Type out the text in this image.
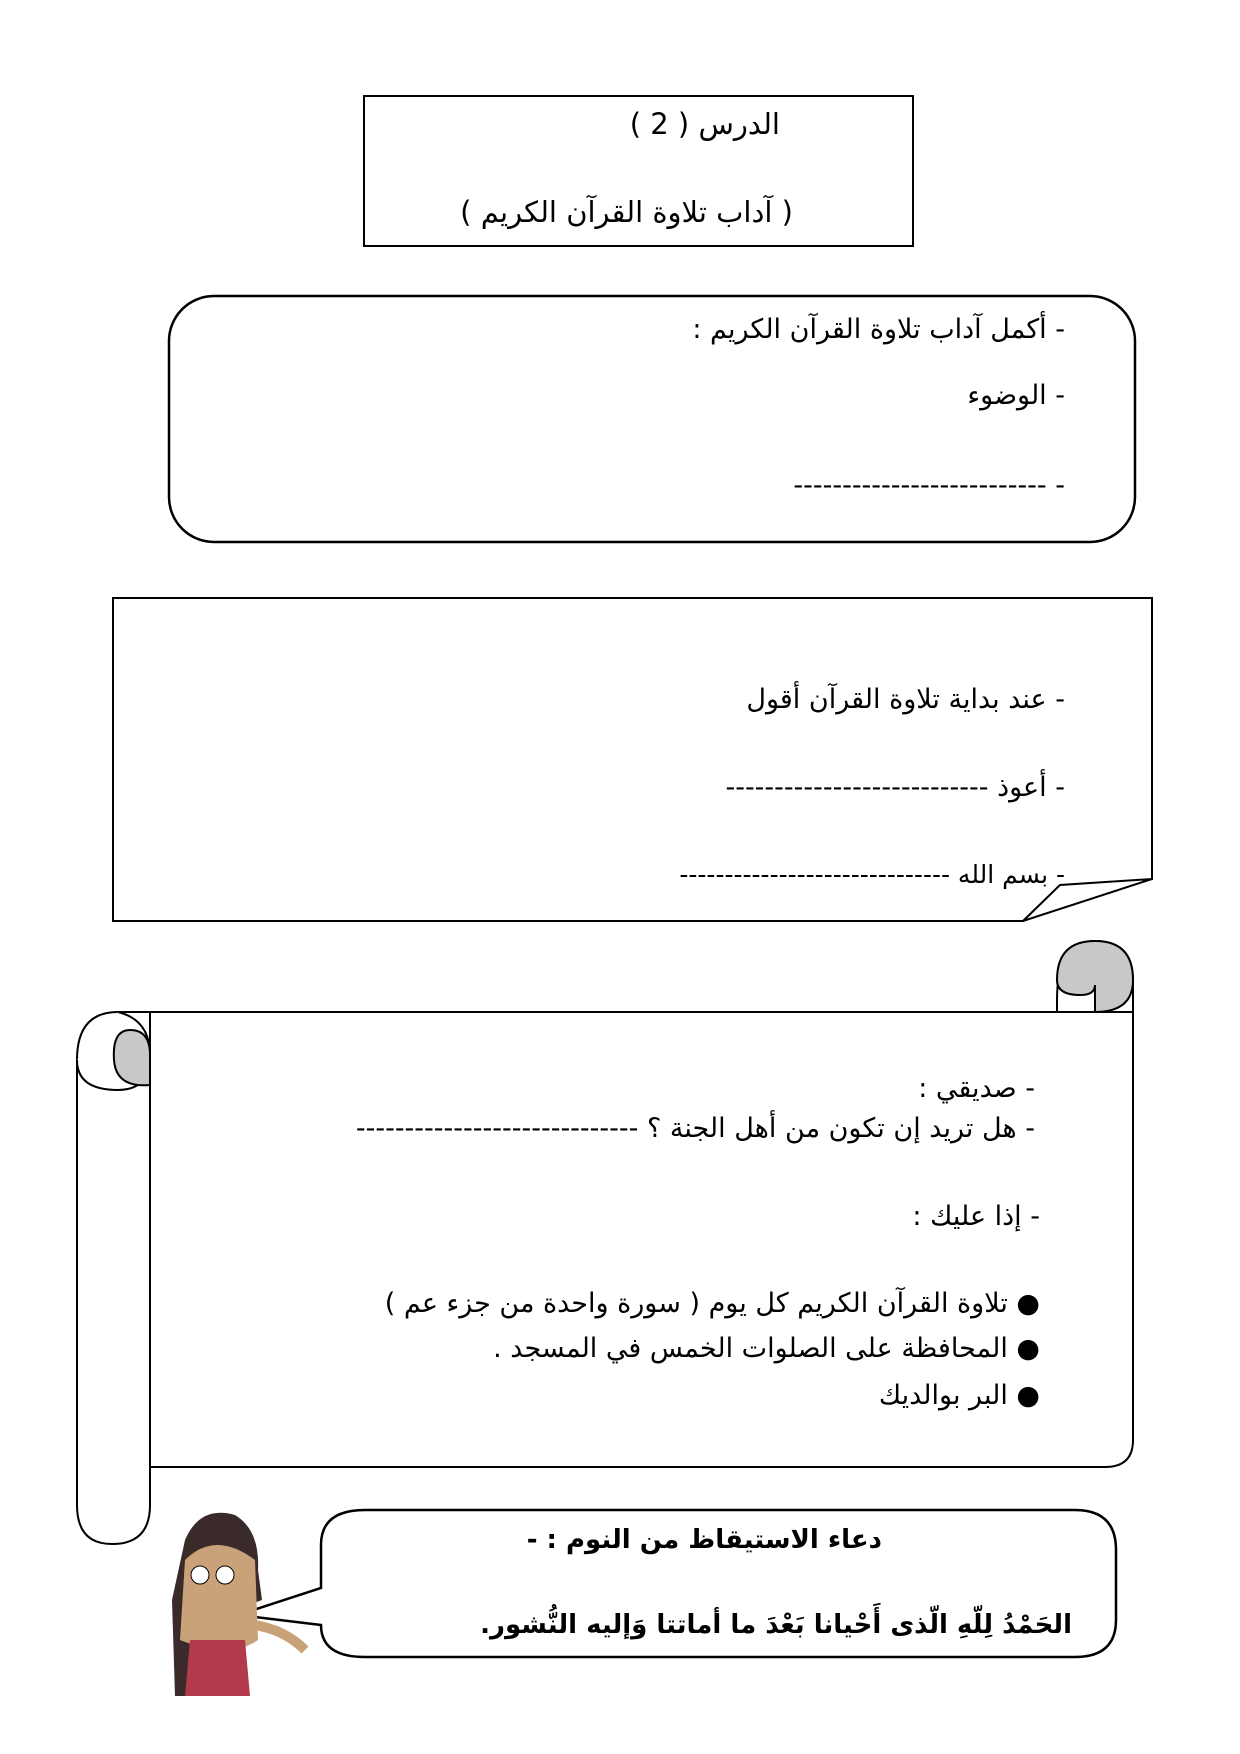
الدرس ( 2 )
( آداب تلاوة القرآن الكريم )
- أكمل آداب تلاوة القرآن الكريم :
- الوضوء
- --------------------------
- عند بداية تلاوة القرآن أقول
- أعوذ ---------------------------
- بسم الله ------------------------------
- صديقي :
- هل تريد إن تكون من أهل الجنة ؟ -----------------------------
- إذا عليك :
● تلاوة القرآن الكريم كل يوم ( سورة واحدة من جزء عم )
● المحافظة على الصلوات الخمس في المسجد .
● البر بوالديك
دعاء الاستيقاظ من النوم : -
الحَمْدُ لِلّهِ الّذى أَحْيانا بَعْدَ ما أماتتا وَإليه النُّشور.
